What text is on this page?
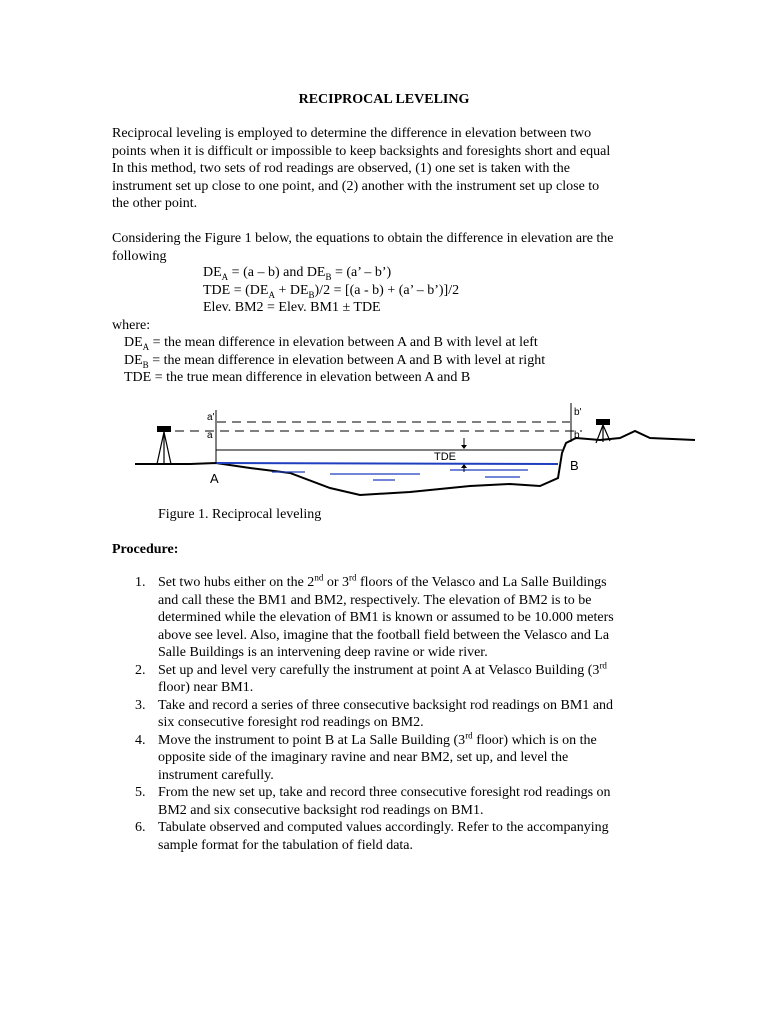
RECIPROCAL LEVELING
Reciprocal leveling is employed to determine the difference in elevation between two
points when it is difficult or impossible to keep backsights and foresights short and equal
In this method, two sets of rod readings are observed, (1) one set is taken with the
instrument set up close to one point, and (2) another with the instrument set up close to
the other point.
Considering the Figure 1 below, the equations to obtain the difference in elevation are the
following
$DE_A = (a - b)$ and $DE_B = (a$’ – b’)
TDE = $(DE_A + DE_B)/2 = [(a - b) + (a$’ – b’)]/2
Elev. BM2 = Elev. BM1 ± TDE
where:
$DE_A$ = the mean difference in elevation between A and B with level at left
$DE_B$ = the mean difference in elevation between A and B with level at right
TDE = the true mean difference in elevation between A and B
a'
a
b'
b
TDE
A
B
Figure 1. Reciprocal leveling
Procedure:
1. Set two hubs either on the 2nd or 3rd floors of the Velasco and La Salle Buildings
and call these the BM1 and BM2, respectively. The elevation of BM2 is to be
determined while the elevation of BM1 is known or assumed to be 10.000 meters
above see level. Also, imagine that the football field between the Velasco and La
Salle Buildings is an intervening deep ravine or wide river.
2. Set up and level very carefully the instrument at point A at Velasco Building (3rd
floor) near BM1.
3. Take and record a series of three consecutive backsight rod readings on BM1 and
six consecutive foresight rod readings on BM2.
4. Move the instrument to point B at La Salle Building (3rd floor) which is on the
opposite side of the imaginary ravine and near BM2, set up, and level the
instrument carefully.
5. From the new set up, take and record three consecutive foresight rod readings on
BM2 and six consecutive backsight rod readings on BM1.
6. Tabulate observed and computed values accordingly. Refer to the accompanying
sample format for the tabulation of field data.
